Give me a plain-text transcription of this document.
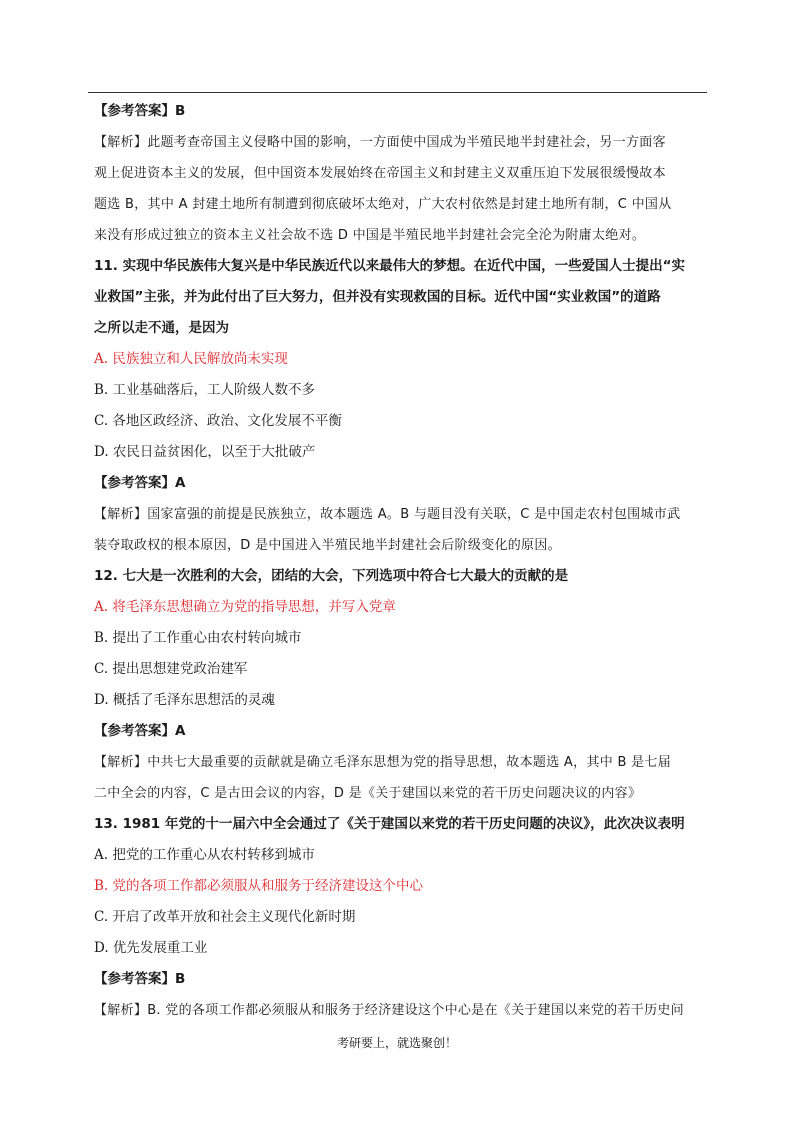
【参考答案】B

【解析】此题考查帝国主义侵略中国的影响，一方面使中国成为半殖民地半封建社会，另一方面客

观上促进资本主义的发展，但中国资本发展始终在帝国主义和封建主义双重压迫下发展很缓慢故本

题选 B，其中 A 封建土地所有制遭到彻底破坏太绝对，广大农村依然是封建土地所有制，C 中国从

来没有形成过独立的资本主义社会故不选 D 中国是半殖民地半封建社会完全沦为附庸太绝对。

11. 实现中华民族伟大复兴是中华民族近代以来最伟大的梦想。在近代中国，一些爱国人士提出“实

业救国”主张，并为此付出了巨大努力，但并没有实现救国的目标。近代中国“实业救国”的道路

之所以走不通，是因为

A. 民族独立和人民解放尚未实现

B. 工业基础落后，工人阶级人数不多

C. 各地区政经济、政治、文化发展不平衡

D. 农民日益贫困化，以至于大批破产

【参考答案】A

【解析】国家富强的前提是民族独立，故本题选 A。B 与题目没有关联，C 是中国走农村包围城市武

装夺取政权的根本原因，D 是中国进入半殖民地半封建社会后阶级变化的原因。

12. 七大是一次胜利的大会，团结的大会，下列选项中符合七大最大的贡献的是

A. 将毛泽东思想确立为党的指导思想，并写入党章

B. 提出了工作重心由农村转向城市

C. 提出思想建党政治建军

D. 概括了毛泽东思想活的灵魂

【参考答案】A

【解析】中共七大最重要的贡献就是确立毛泽东思想为党的指导思想，故本题选 A，其中 B 是七届

二中全会的内容，C 是古田会议的内容，D 是《关于建国以来党的若干历史问题决议的内容》

13. 1981 年党的十一届六中全会通过了《关于建国以来党的若干历史问题的决议》，此次决议表明

A. 把党的工作重心从农村转移到城市

B. 党的各项工作都必须服从和服务于经济建设这个中心

C. 开启了改革开放和社会主义现代化新时期

D. 优先发展重工业

【参考答案】B

【解析】B. 党的各项工作都必须服从和服务于经济建设这个中心是在《关于建国以来党的若干历史问

考研要上，就选聚创！
